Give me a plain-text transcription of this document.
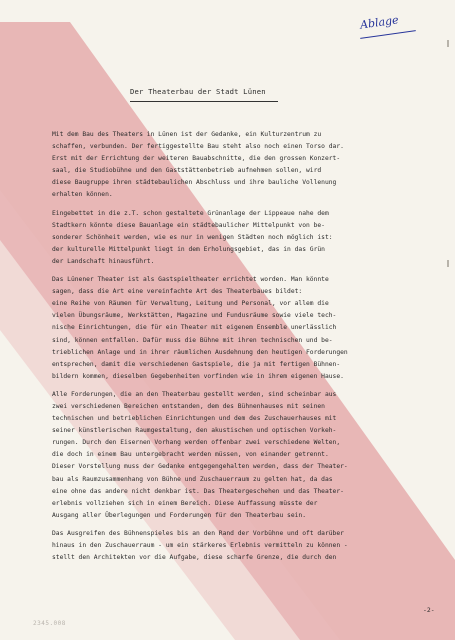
Ablage
Der Theaterbau der Stadt Lünen
Mit dem Bau des Theaters in Lünen ist der Gedanke, ein Kulturzentrum zu
schaffen, verbunden. Der fertiggestellte Bau steht also noch einen Torso dar.
Erst mit der Errichtung der weiteren Bauabschnitte, die den grossen Konzert-
saal, die Studiobühne und den Gaststättenbetrieb aufnehmen sollen, wird
diese Baugruppe ihren städtebaulichen Abschluss und ihre bauliche Vollenung
erhalten können.
Eingebettet in die z.T. schon gestaltete Grünanlage der Lippeaue nahe dem
Stadtkern könnte diese Bauanlage ein städtebaulicher Mittelpunkt von be-
sonderer Schönheit werden, wie es nur in wenigen Städten noch möglich ist:
der kulturelle Mittelpunkt liegt in dem Erholungsgebiet, das in das Grün
der Landschaft hinausführt.
Das Lünener Theater ist als Gastspieltheater errichtet worden. Man könnte
sagen, dass die Art eine vereinfachte Art des Theaterbaues bildet:
eine Reihe von Räumen für Verwaltung, Leitung und Personal, vor allem die
vielen Übungsräume, Werkstätten, Magazine und Fundusräume sowie viele tech-
nische Einrichtungen, die für ein Theater mit eigenem Ensemble unerlässlich
sind, können entfallen. Dafür muss die Bühne mit ihren technischen und be-
trieblichen Anlage und in ihrer räumlichen Ausdehnung den heutigen Forderungen
entsprechen, damit die verschiedenen Gastspiele, die ja mit fertigen Bühnen-
bildern kommen, dieselben Gegebenheiten vorfinden wie in ihrem eigenen Hause.
Alle Forderungen, die an den Theaterbau gestellt werden, sind scheinbar aus
zwei verschiedenen Bereichen entstanden, dem des Bühnenhauses mit seinen
technischen und betrieblichen Einrichtungen und dem des Zuschauerhauses mit
seiner künstlerischen Raumgestaltung, den akustischen und optischen Vorkeh-
rungen. Durch den Eisernen Vorhang werden offenbar zwei verschiedene Welten,
die doch in einem Bau untergebracht werden müssen, von einander getrennt.
Dieser Vorstellung muss der Gedanke entgegengehalten werden, dass der Theater-
bau als Raumzusammenhang von Bühne und Zuschauerraum zu gelten hat, da das
eine ohne das andere nicht denkbar ist. Das Theatergeschehen und das Theater-
erlebnis vollziehen sich in einem Bereich. Diese Auffassung müsste der
Ausgang aller Überlegungen und Forderungen für den Theaterbau sein.
Das Ausgreifen des Bühnenspieles bis an den Rand der Vorbühne und oft darüber
hinaus in den Zuschauerraum - um ein stärkeres Erlebnis vermitteln zu können -
stellt den Architekten vor die Aufgabe, diese scharfe Grenze, die durch den
-2-
2345.008
